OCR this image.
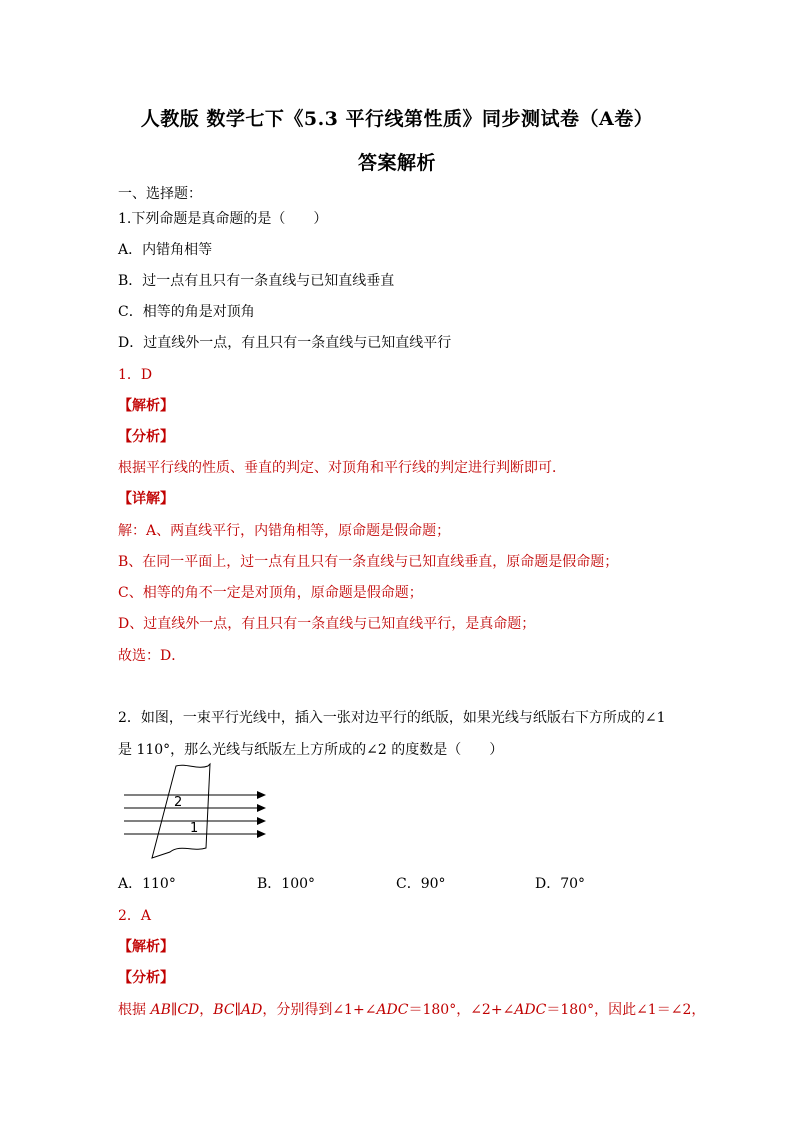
人教版 数学七下《5.3 平行线第性质》同步测试卷（A卷）
答案解析
一、选择题：
1.下列命题是真命题的是（　　）
A．内错角相等
B．过一点有且只有一条直线与已知直线垂直
C．相等的角是对顶角
D．过直线外一点，有且只有一条直线与已知直线平行
1．D
【解析】
【分析】
根据平行线的性质、垂直的判定、对顶角和平行线的判定进行判断即可．
【详解】
解：A、两直线平行，内错角相等，原命题是假命题；
B、在同一平面上，过一点有且只有一条直线与已知直线垂直，原命题是假命题；
C、相等的角不一定是对顶角，原命题是假命题；
D、过直线外一点，有且只有一条直线与已知直线平行，是真命题；
故选：D．
2．如图，一束平行光线中，插入一张对边平行的纸版，如果光线与纸版右下方所成的∠1
是 110°，那么光线与纸版左上方所成的∠2 的度数是（　　）
2
1
A．110°	B．100°	C．90°	D．70°
2．A
【解析】
【分析】
根据 AB∥CD，BC∥AD，分别得到∠1+∠ADC＝180°，∠2+∠ADC＝180°，因此∠1＝∠2，
